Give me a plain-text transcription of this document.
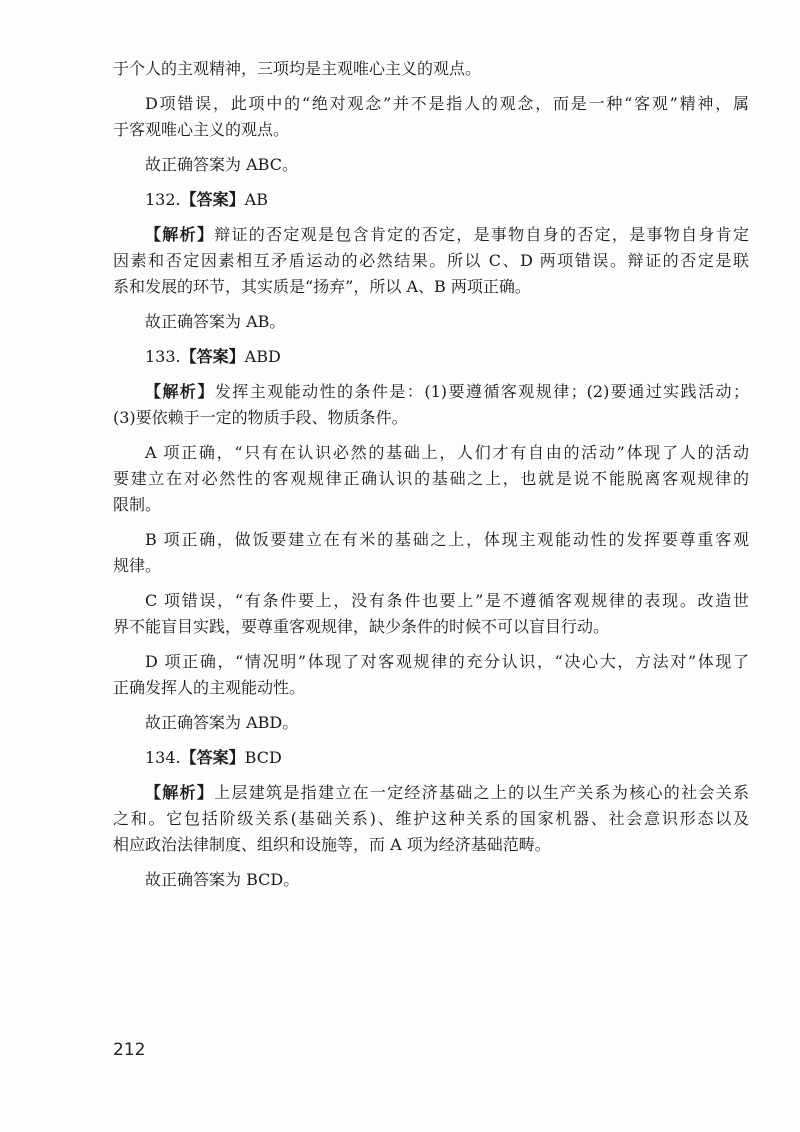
于个人的主观精神，三项均是主观唯心主义的观点。
D项错误，此项中的“绝对观念”并不是指人的观念，而是一种“客观”精神，属
于客观唯心主义的观点。
故正确答案为 ABC。
132.【答案】AB
【解析】辩证的否定观是包含肯定的否定，是事物自身的否定，是事物自身肯定
因素和否定因素相互矛盾运动的必然结果。所以 C、D 两项错误。辩证的否定是联
系和发展的环节，其实质是“扬弃”，所以 A、B 两项正确。
故正确答案为 AB。
133.【答案】ABD
【解析】发挥主观能动性的条件是：(1)要遵循客观规律；(2)要通过实践活动；
(3)要依赖于一定的物质手段、物质条件。
A 项正确，“只有在认识必然的基础上，人们才有自由的活动”体现了人的活动
要建立在对必然性的客观规律正确认识的基础之上，也就是说不能脱离客观规律的
限制。
B 项正确，做饭要建立在有米的基础之上，体现主观能动性的发挥要尊重客观
规律。
C 项错误，“有条件要上，没有条件也要上”是不遵循客观规律的表现。改造世
界不能盲目实践，要尊重客观规律，缺少条件的时候不可以盲目行动。
D 项正确，“情况明”体现了对客观规律的充分认识，“决心大，方法对”体现了
正确发挥人的主观能动性。
故正确答案为 ABD。
134.【答案】BCD
【解析】上层建筑是指建立在一定经济基础之上的以生产关系为核心的社会关系
之和。它包括阶级关系(基础关系)、维护这种关系的国家机器、社会意识形态以及
相应政治法律制度、组织和设施等，而 A 项为经济基础范畴。
故正确答案为 BCD。
212
